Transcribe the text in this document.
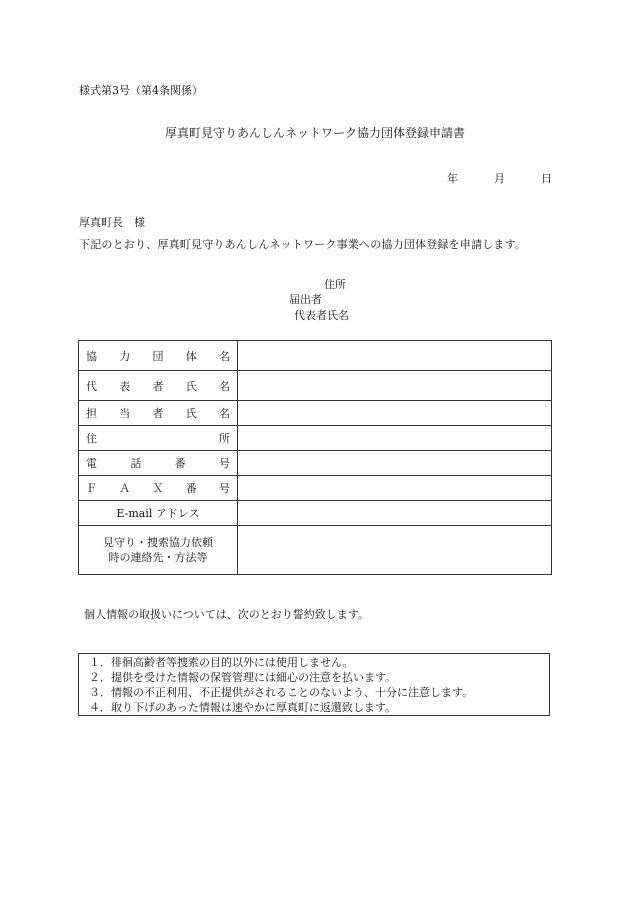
様式第3号（第4条関係）
厚真町見守りあんしんネットワーク協力団体登録申請書
年	月	日
厚真町長　様
下記のとおり、厚真町見守りあんしんネットワーク事業への協力団体登録を申請します。
住所
届出者
代表者氏名
協 力 団 体 名	

代 表 者 氏 名	

担 当 者 氏 名	

住 所	

電 話 番 号	

Ｆ Ａ Ｘ 番 号	

E-mail アドレス	

見守り・捜索協力依頼
時の連絡先・方法等	

個人情報の取扱いについては、次のとおり誓約致します。
１．徘徊高齢者等捜索の目的以外には使用しません。
２．提供を受けた情報の保管管理には細心の注意を払います。
３．情報の不正利用、不正提供がされることのないよう、十分に注意します。
４．取り下げのあった情報は速やかに厚真町に返還致します。
